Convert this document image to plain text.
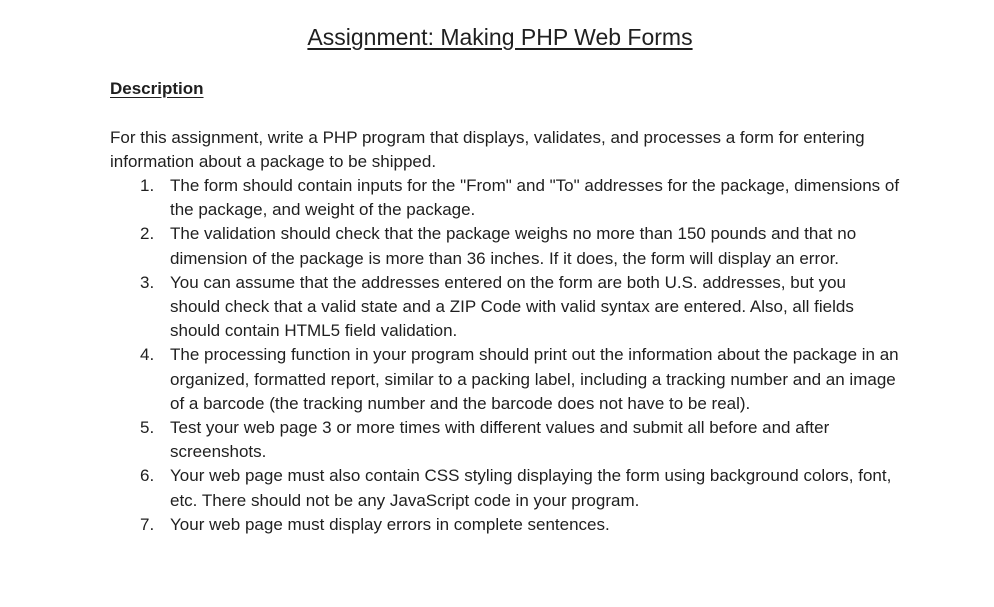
Assignment: Making PHP Web Forms
Description

For this assignment, write a PHP program that displays, validates, and processes a form for entering information about a package to be shipped.

1. The form should contain inputs for the "From" and "To" addresses for the package, dimensions of the package, and weight of the package.
2. The validation should check that the package weighs no more than 150 pounds and that no dimension of the package is more than 36 inches. If it does, the form will display an error.
3. You can assume that the addresses entered on the form are both U.S. addresses, but you should check that a valid state and a ZIP Code with valid syntax are entered. Also, all fields should contain HTML5 field validation.
4. The processing function in your program should print out the information about the package in an organized, formatted report, similar to a packing label, including a tracking number and an image of a barcode (the tracking number and the barcode does not have to be real).
5. Test your web page 3 or more times with different values and submit all before and after screenshots.
6. Your web page must also contain CSS styling displaying the form using background colors, font, etc. There should not be any JavaScript code in your program.
7. Your web page must display errors in complete sentences.
